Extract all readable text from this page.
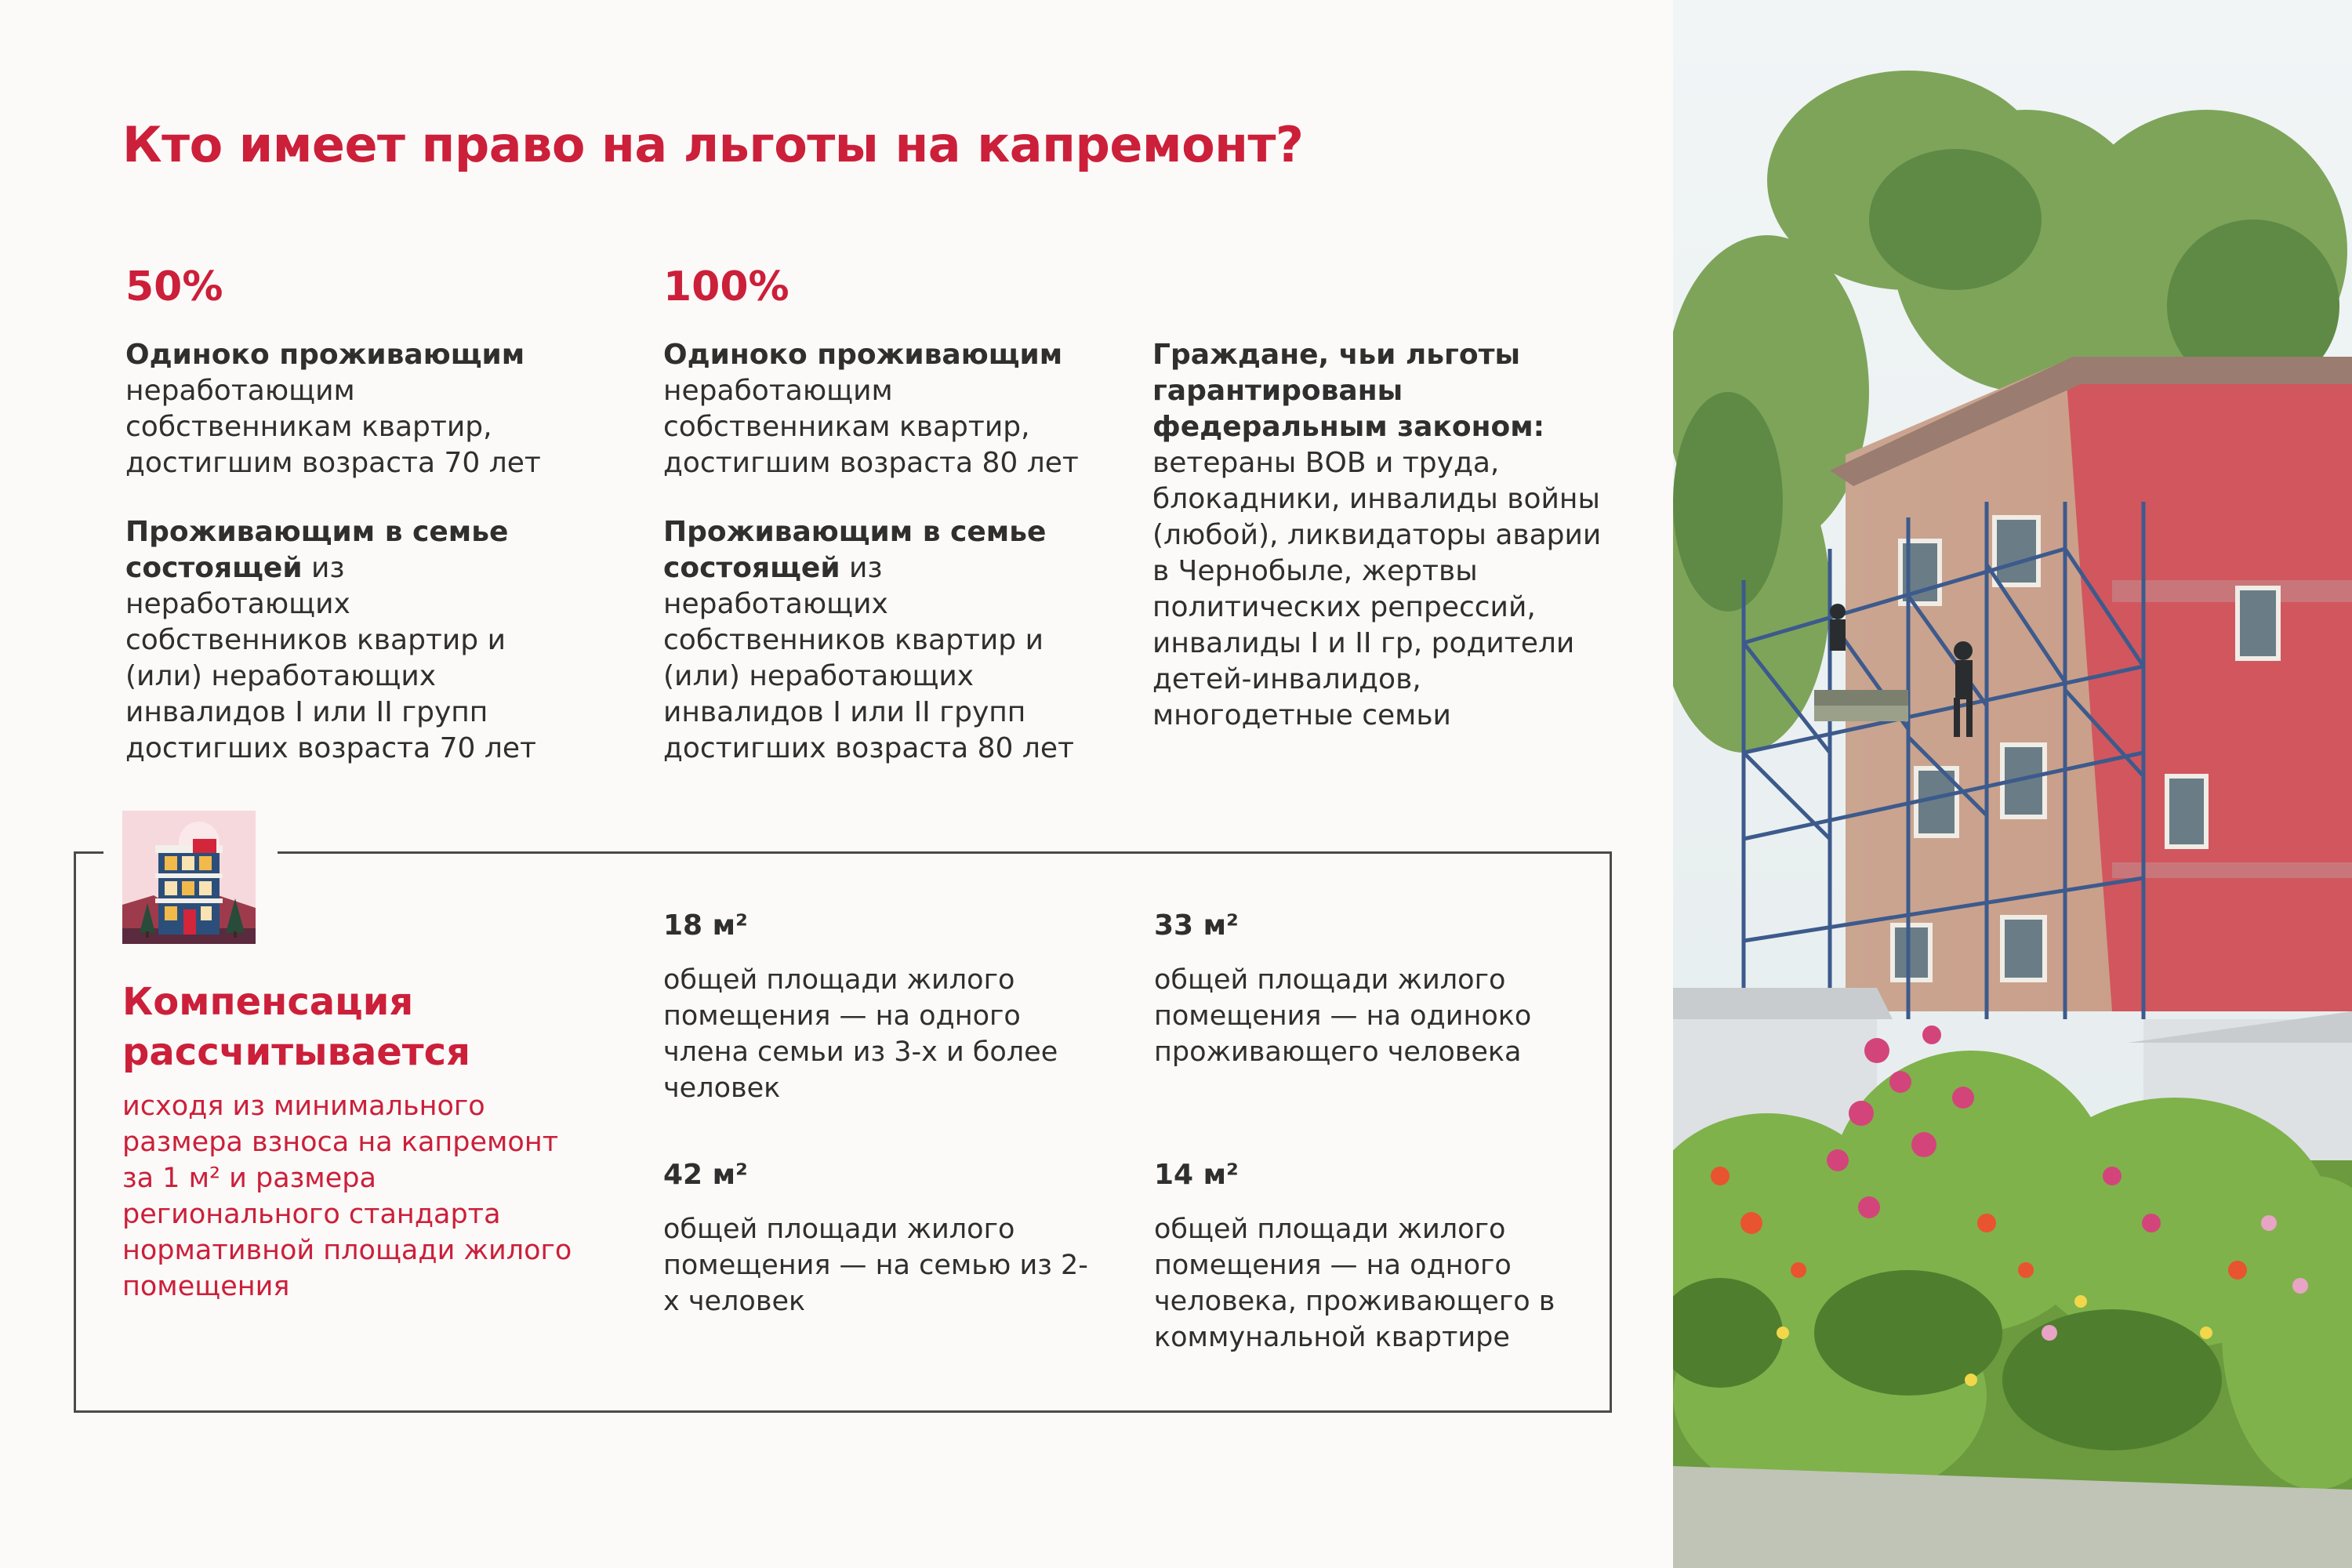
Кто имеет право на льготы на капремонт?
50%

Одиноко проживающим неработающим собственникам квартир, достигшим возраста 70 лет

Проживающим в семье состоящей из неработающих собственников квартир и (или) неработающих инвалидов I или II групп достигших возраста 70 лет

100%

Одиноко проживающим неработающим собственникам квартир, достигшим возраста 80 лет

Проживающим в семье состоящей из неработающих собственников квартир и (или) неработающих инвалидов I или II групп достигших возраста 80 лет

Граждане, чьи льготы гарантированы федеральным законом: ветераны ВОВ и труда, блокадники, инвалиды войны (любой), ликвидаторы аварии в Чернобыле, жертвы политических репрессий, инвалиды I и II гр, родители детей-инвалидов, многодетные семьи

Компенсация рассчитывается

исходя из минимального размера взноса на капремонт за 1 м² и размера регионального стандарта нормативной площади жилого помещения

18 м²

общей площади жилого помещения — на одного члена семьи из 3-х и более человек

33 м²

общей площади жилого помещения — на одиноко проживающего человека

42 м²

общей площади жилого помещения — на семью из 2-х человек

14 м²

общей площади жилого помещения — на одного человека, проживающего в коммунальной квартире
